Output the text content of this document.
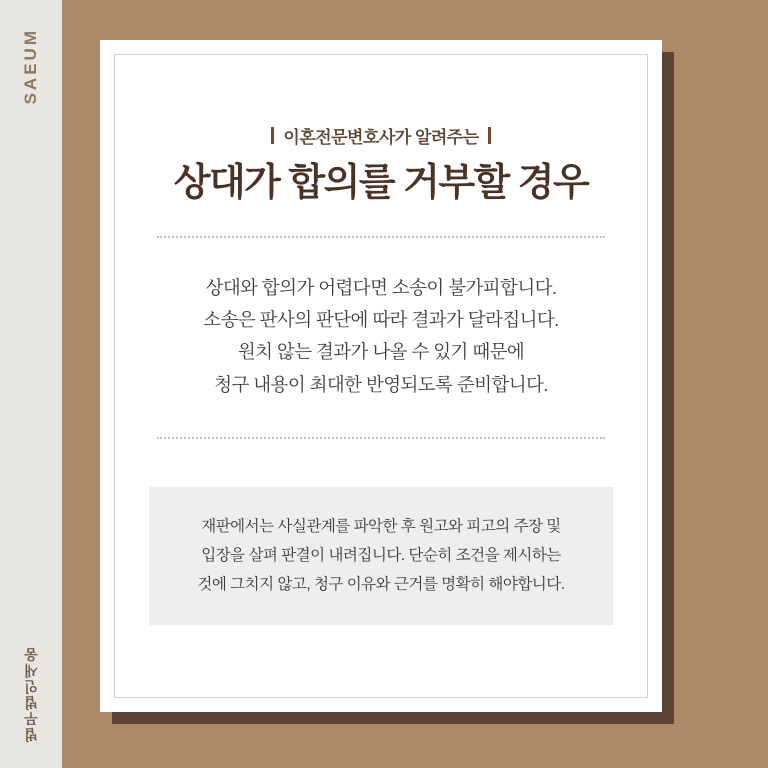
SAEUM
법무법인새움
이혼전문변호사가 알려주는
상대가 합의를 거부할 경우
상대와 합의가 어렵다면 소송이 불가피합니다.
소송은 판사의 판단에 따라 결과가 달라집니다.
원치 않는 결과가 나올 수 있기 때문에
청구 내용이 최대한 반영되도록 준비합니다.
재판에서는 사실관계를 파악한 후 원고와 피고의 주장 및
입장을 살펴 판결이 내려집니다. 단순히 조건을 제시하는
것에 그치지 않고, 청구 이유와 근거를 명확히 해야합니다.
